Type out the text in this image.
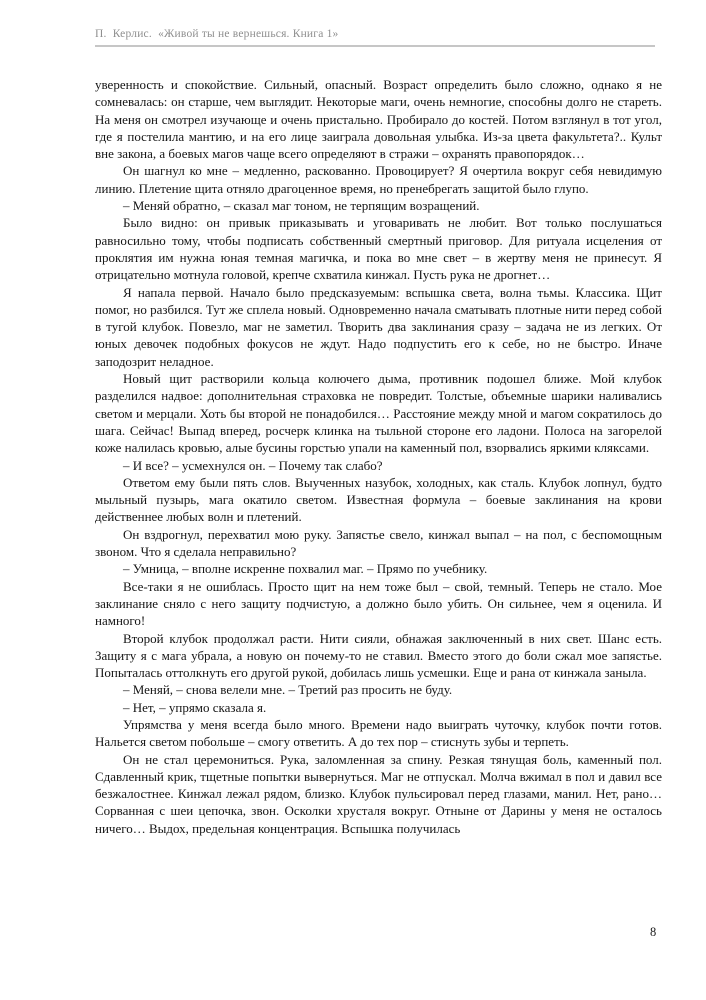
П.  Керлис.  «Живой ты не вернешься. Книга 1»

уверенность и спокойствие. Сильный, опасный. Возраст определить было сложно, однако я не сомневалась: он старше, чем выглядит. Некоторые маги, очень немногие, способны долго не стареть. На меня он смотрел изучающе и очень пристально. Пробирало до костей. Потом взглянул в тот угол, где я постелила мантию, и на его лице заиграла довольная улыбка. Из-за цвета факультета?.. Культ вне закона, а боевых магов чаще всего определяют в стражи – охранять правопорядок…

Он шагнул ко мне – медленно, раскованно. Провоцирует? Я очертила вокруг себя невидимую линию. Плетение щита отняло драгоценное время, но пренебрегать защитой было глупо.

– Меняй обратно, – сказал маг тоном, не терпящим возращений.

Было видно: он привык приказывать и уговаривать не любит. Вот только послушаться равносильно тому, чтобы подписать собственный смертный приговор. Для ритуала исцеления от проклятия им нужна юная темная магичка, и пока во мне свет – в жертву меня не принесут. Я отрицательно мотнула головой, крепче схватила кинжал. Пусть рука не дрогнет…

Я напала первой. Начало было предсказуемым: вспышка света, волна тьмы. Классика. Щит помог, но разбился. Тут же сплела новый. Одновременно начала сматывать плотные нити перед собой в тугой клубок. Повезло, маг не заметил. Творить два заклинания сразу – задача не из легких. От юных девочек подобных фокусов не ждут. Надо подпустить его к себе, но не быстро. Иначе заподозрит неладное.

Новый щит растворили кольца колючего дыма, противник подошел ближе. Мой клубок разделился надвое: дополнительная страховка не повредит. Толстые, объемные шарики наливались светом и мерцали. Хоть бы второй не понадобился… Расстояние между мной и магом сократилось до шага. Сейчас! Выпад вперед, росчерк клинка на тыльной стороне его ладони. Полоса на загорелой коже налилась кровью, алые бусины горстью упали на каменный пол, взорвались яркими кляксами.

– И все? – усмехнулся он. – Почему так слабо?

Ответом ему были пять слов. Выученных назубок, холодных, как сталь. Клубок лопнул, будто мыльный пузырь, мага окатило светом. Известная формула – боевые заклинания на крови действеннее любых волн и плетений.

Он вздрогнул, перехватил мою руку. Запястье свело, кинжал выпал – на пол, с беспомощным звоном. Что я сделала неправильно?

– Умница, – вполне искренне похвалил маг. – Прямо по учебнику.

Все-таки я не ошиблась. Просто щит на нем тоже был – свой, темный. Теперь не стало. Мое заклинание сняло с него защиту подчистую, а должно было убить. Он сильнее, чем я оценила. И намного!

Второй клубок продолжал расти. Нити сияли, обнажая заключенный в них свет. Шанс есть. Защиту я с мага убрала, а новую он почему-то не ставил. Вместо этого до боли сжал мое запястье. Попыталась оттолкнуть его другой рукой, добилась лишь усмешки. Еще и рана от кинжала заныла.

– Меняй, – снова велели мне. – Третий раз просить не буду.

– Нет, – упрямо сказала я.

Упрямства у меня всегда было много. Времени надо выиграть чуточку, клубок почти готов. Нальется светом побольше – смогу ответить. А до тех пор – стиснуть зубы и терпеть.

Он не стал церемониться. Рука, заломленная за спину. Резкая тянущая боль, каменный пол. Сдавленный крик, тщетные попытки вывернуться. Маг не отпускал. Молча вжимал в пол и давил все безжалостнее. Кинжал лежал рядом, близко. Клубок пульсировал перед глазами, манил. Нет, рано… Сорванная с шеи цепочка, звон. Осколки хрусталя вокруг. Отныне от Дарины у меня не осталось ничего… Выдох, предельная концентрация. Вспышка получилась

8
